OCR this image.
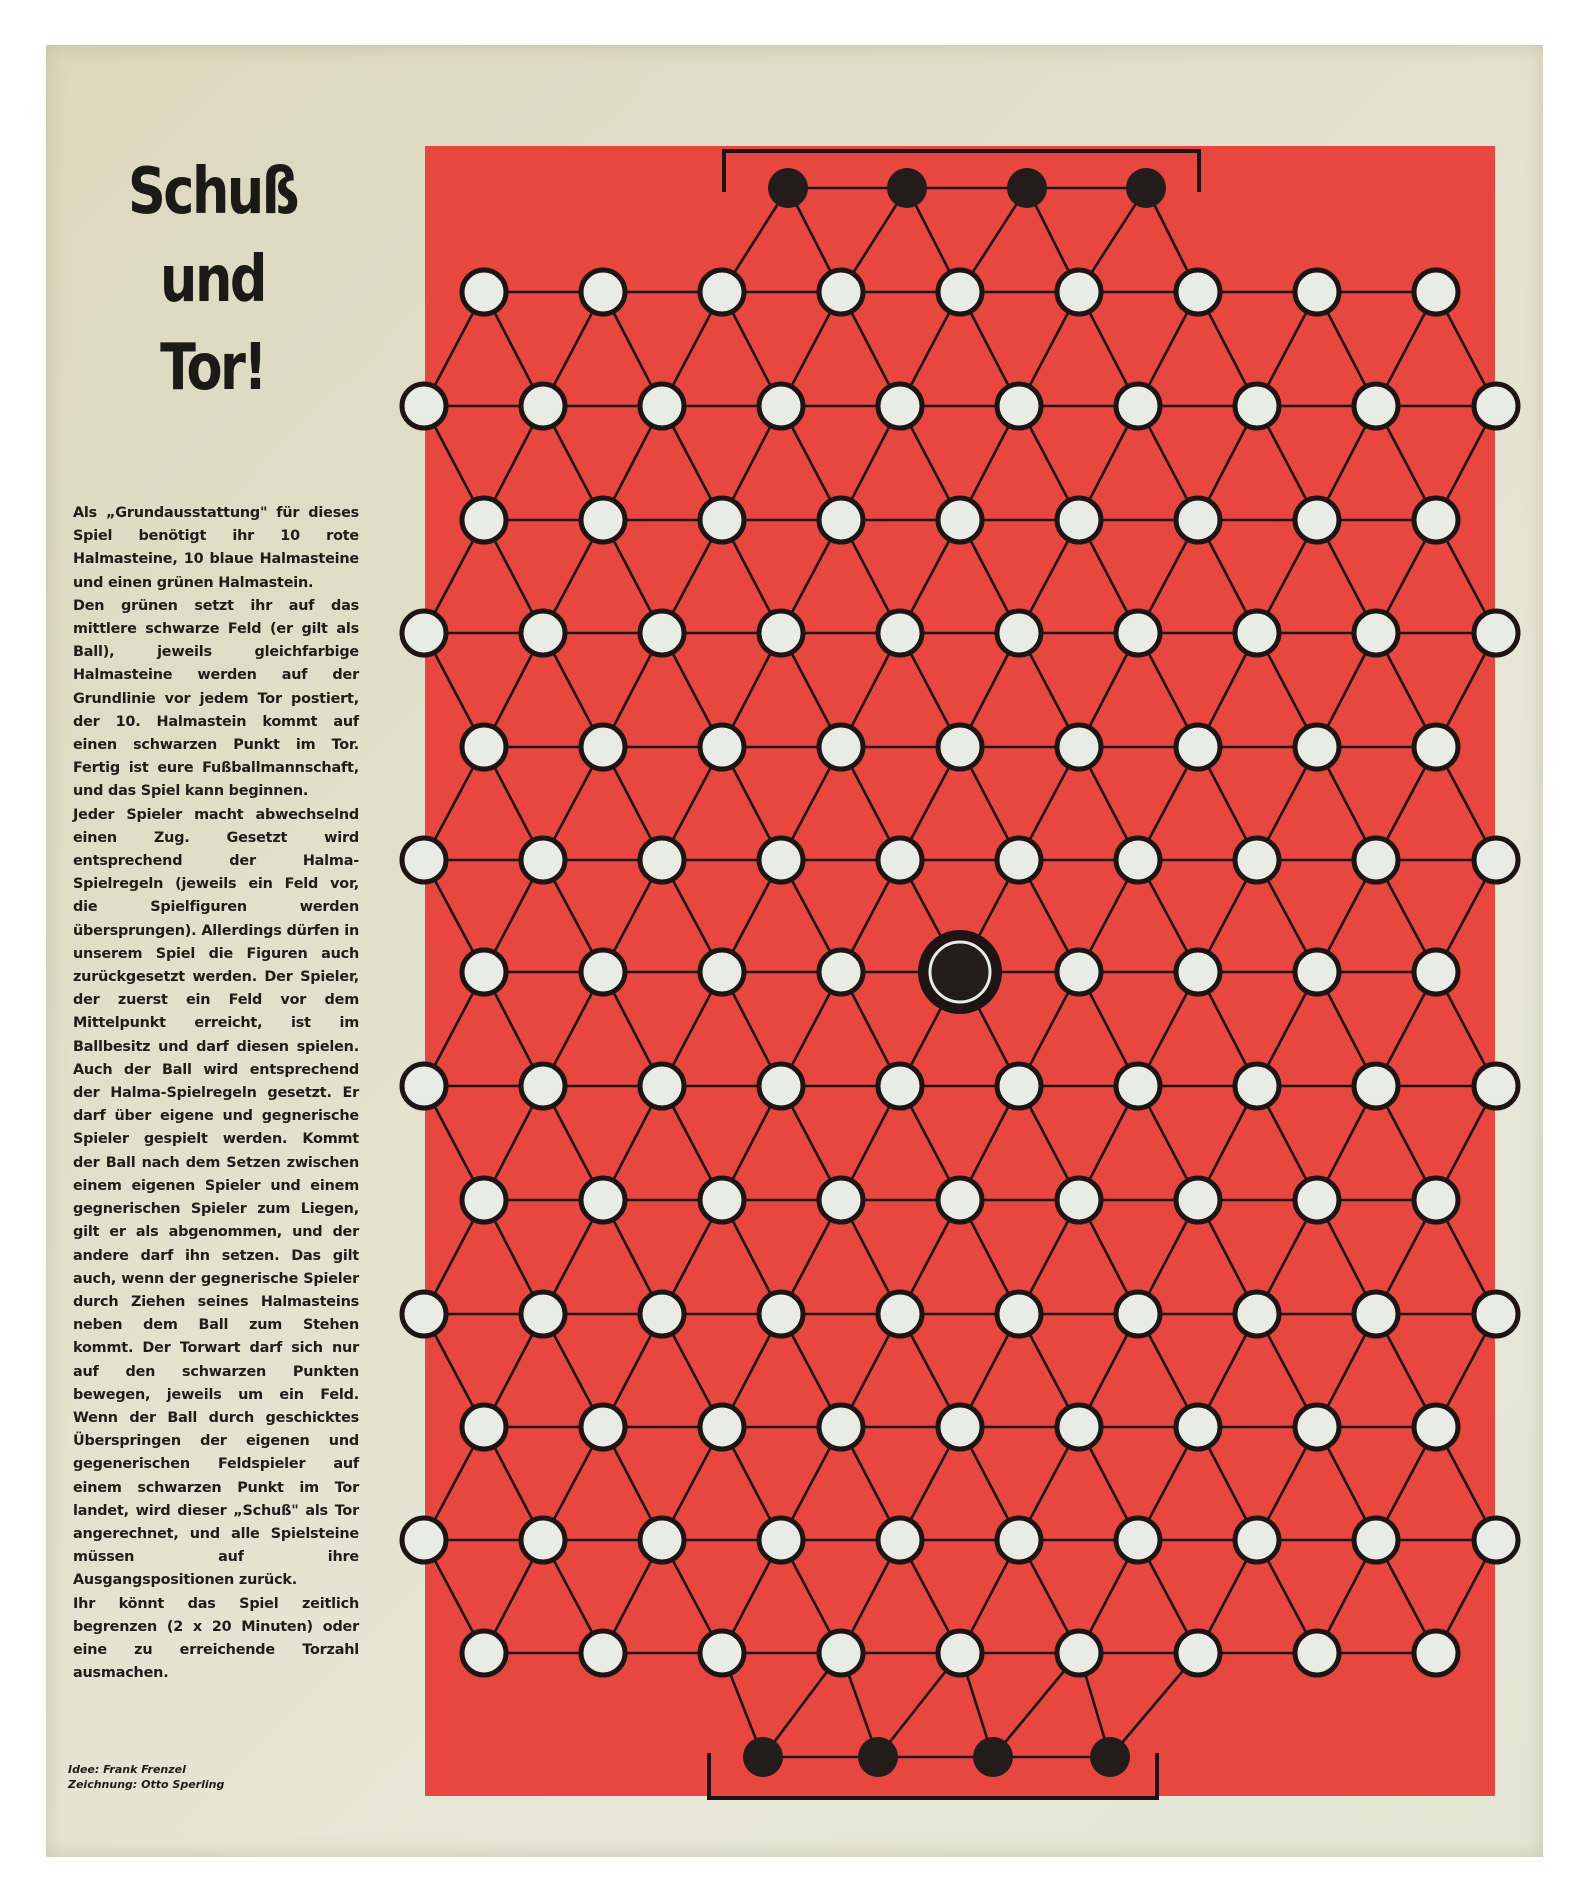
Schuß
und
Tor!

Als „Grundausstattung" für dieses Spiel benötigt ihr 10 rote Halmasteine, 10 blaue Halmasteine und einen grünen Halmastein.

Den grünen setzt ihr auf das mittlere schwarze Feld (er gilt als Ball), jeweils gleichfarbige Halmasteine werden auf der Grundlinie vor jedem Tor postiert, der 10. Halmastein kommt auf einen schwarzen Punkt im Tor. Fertig ist eure Fußballmannschaft, und das Spiel kann beginnen.

Jeder Spieler macht abwechselnd einen Zug. Gesetzt wird entsprechend der Halma-Spielregeln (jeweils ein Feld vor, die Spielfiguren werden übersprungen). Allerdings dürfen in unserem Spiel die Figuren auch zurückgesetzt werden. Der Spieler, der zuerst ein Feld vor dem Mittelpunkt erreicht, ist im Ballbesitz und darf diesen spielen. Auch der Ball wird entsprechend der Halma-Spielregeln gesetzt. Er darf über eigene und gegnerische Spieler gespielt werden. Kommt der Ball nach dem Setzen zwischen einem eigenen Spieler und einem gegnerischen Spieler zum Liegen, gilt er als abgenommen, und der andere darf ihn setzen. Das gilt auch, wenn der gegnerische Spieler durch Ziehen seines Halmasteins neben dem Ball zum Stehen kommt. Der Torwart darf sich nur auf den schwarzen Punkten bewegen, jeweils um ein Feld. Wenn der Ball durch geschicktes Überspringen der eigenen und gegenerischen Feldspieler auf einem schwarzen Punkt im Tor landet, wird dieser „Schuß" als Tor angerechnet, und alle Spielsteine müssen auf ihre Ausgangspositionen zurück.

Ihr könnt das Spiel zeitlich begrenzen (2 x 20 Minuten) oder eine zu erreichende Torzahl ausmachen.

Idee: Frank Frenzel
Zeichnung: Otto Sperling
